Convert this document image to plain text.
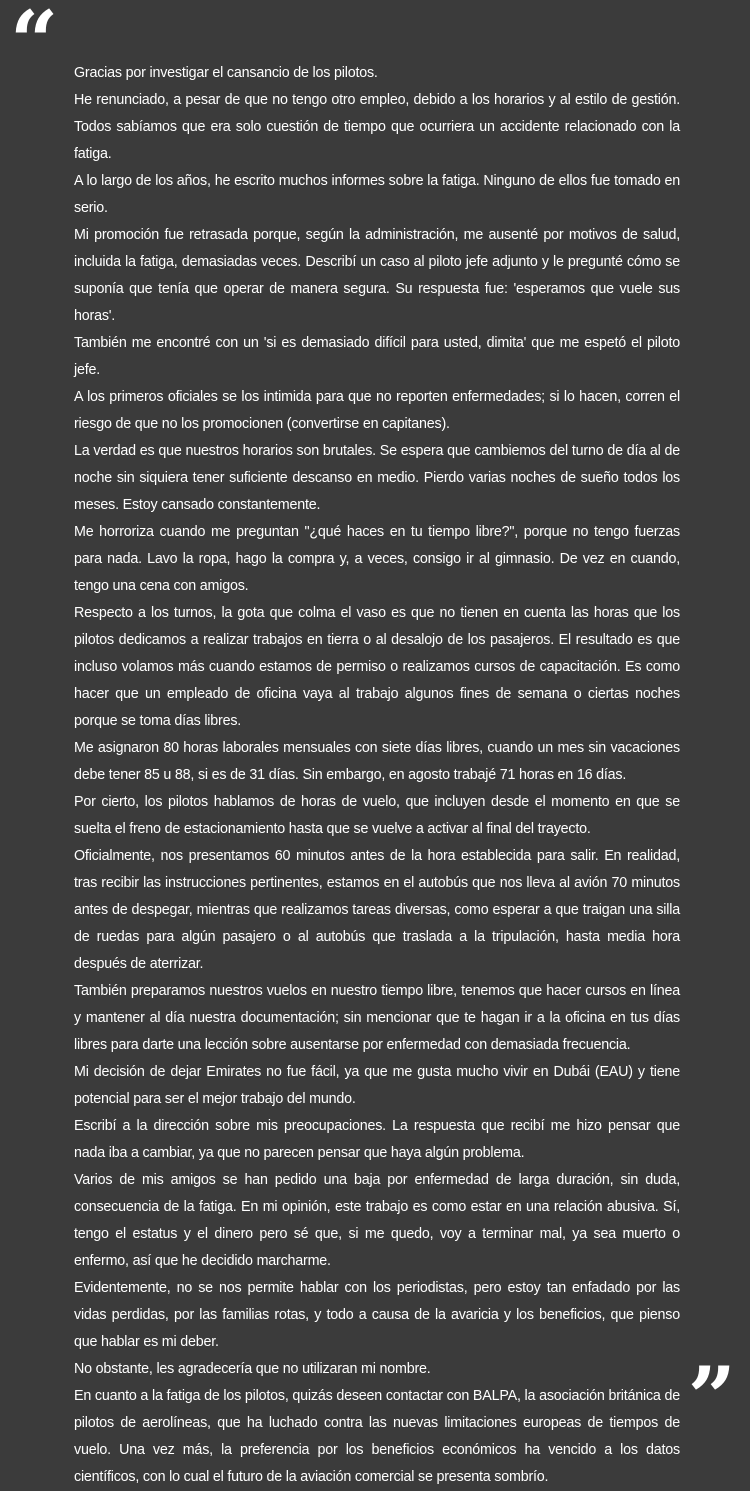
“ Gracias por investigar el cansancio de los pilotos.

He renunciado, a pesar de que no tengo otro empleo, debido a los horarios y al estilo de gestión. Todos sabíamos que era solo cuestión de tiempo que ocurriera un accidente relacionado con la fatiga.

A lo largo de los años, he escrito muchos informes sobre la fatiga. Ninguno de ellos fue tomado en serio.

Mi promoción fue retrasada porque, según la administración, me ausenté por motivos de salud, incluida la fatiga, demasiadas veces. Describí un caso al piloto jefe adjunto y le pregunté cómo se suponía que tenía que operar de manera segura. Su respuesta fue: 'esperamos que vuele sus horas'.

También me encontré con un 'si es demasiado difícil para usted, dimita' que me espetó el piloto jefe.

A los primeros oficiales se los intimida para que no reporten enfermedades; si lo hacen, corren el riesgo de que no los promocionen (convertirse en capitanes).

La verdad es que nuestros horarios son brutales. Se espera que cambiemos del turno de día al de noche sin siquiera tener suficiente descanso en medio. Pierdo varias noches de sueño todos los meses. Estoy cansado constantemente.

Me horroriza cuando me preguntan "¿qué haces en tu tiempo libre?", porque no tengo fuerzas para nada. Lavo la ropa, hago la compra y, a veces, consigo ir al gimnasio. De vez en cuando, tengo una cena con amigos.

Respecto a los turnos, la gota que colma el vaso es que no tienen en cuenta las horas que los pilotos dedicamos a realizar trabajos en tierra o al desalojo de los pasajeros. El resultado es que incluso volamos más cuando estamos de permiso o realizamos cursos de capacitación. Es como hacer que un empleado de oficina vaya al trabajo algunos fines de semana o ciertas noches porque se toma días libres.

Me asignaron 80 horas laborales mensuales con siete días libres, cuando un mes sin vacaciones debe tener 85 u 88, si es de 31 días. Sin embargo, en agosto trabajé 71 horas en 16 días.

Por cierto, los pilotos hablamos de horas de vuelo, que incluyen desde el momento en que se suelta el freno de estacionamiento hasta que se vuelve a activar al final del trayecto.

Oficialmente, nos presentamos 60 minutos antes de la hora establecida para salir. En realidad, tras recibir las instrucciones pertinentes, estamos en el autobús que nos lleva al avión 70 minutos antes de despegar, mientras que realizamos tareas diversas, como esperar a que traigan una silla de ruedas para algún pasajero o al autobús que traslada a la tripulación, hasta media hora después de aterrizar.

También preparamos nuestros vuelos en nuestro tiempo libre, tenemos que hacer cursos en línea y mantener al día nuestra documentación; sin mencionar que te hagan ir a la oficina en tus días libres para darte una lección sobre ausentarse por enfermedad con demasiada frecuencia.

Mi decisión de dejar Emirates no fue fácil, ya que me gusta mucho vivir en Dubái (EAU) y tiene potencial para ser el mejor trabajo del mundo.

Escribí a la dirección sobre mis preocupaciones. La respuesta que recibí me hizo pensar que nada iba a cambiar, ya que no parecen pensar que haya algún problema.

Varios de mis amigos se han pedido una baja por enfermedad de larga duración, sin duda, consecuencia de la fatiga. En mi opinión, este trabajo es como estar en una relación abusiva. Sí, tengo el estatus y el dinero pero sé que, si me quedo, voy a terminar mal, ya sea muerto o enfermo, así que he decidido marcharme.

Evidentemente, no se nos permite hablar con los periodistas, pero estoy tan enfadado por las vidas perdidas, por las familias rotas, y todo a causa de la avaricia y los beneficios, que pienso que hablar es mi deber.

No obstante, les agradecería que no utilizaran mi nombre.

En cuanto a la fatiga de los pilotos, quizás deseen contactar con BALPA, la asociación británica de pilotos de aerolíneas, que ha luchado contra las nuevas limitaciones europeas de tiempos de vuelo. Una vez más, la preferencia por los beneficios económicos ha vencido a los datos científicos, con lo cual el futuro de la aviación comercial se presenta sombrío.

”
